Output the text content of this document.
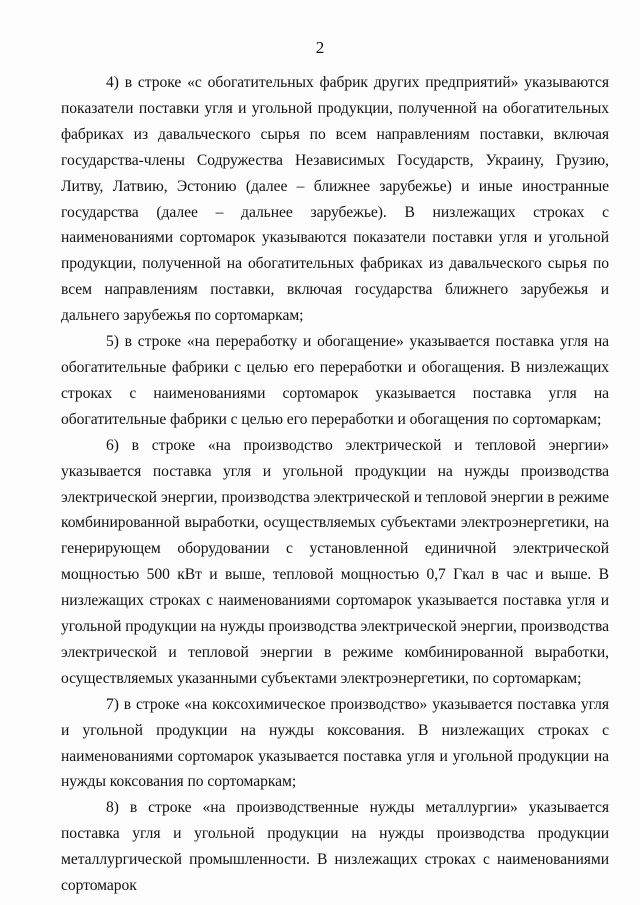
2

4) в строке «с обогатительных фабрик других предприятий» указываются показатели поставки угля и угольной продукции, полученной на обогатительных фабриках из давальческого сырья по всем направлениям поставки, включая государства-члены Содружества Независимых Государств, Украину, Грузию, Литву, Латвию, Эстонию (далее – ближнее зарубежье) и иные иностранные государства (далее – дальнее зарубежье). В низлежащих строках с наименованиями сортомарок указываются показатели поставки угля и угольной продукции, полученной на обогатительных фабриках из давальческого сырья по всем направлениям поставки, включая государства ближнего зарубежья и дальнего зарубежья по сортомаркам;

5) в строке «на переработку и обогащение» указывается поставка угля на обогатительные фабрики с целью его переработки и обогащения. В низлежащих строках с наименованиями сортомарок указывается поставка угля на обогатительные фабрики с целью его переработки и обогащения по сортомаркам;

6) в строке «на производство электрической и тепловой энергии» указывается поставка угля и угольной продукции на нужды производства электрической энергии, производства электрической и тепловой энергии в режиме комбинированной выработки, осуществляемых субъектами электроэнергетики, на генерирующем оборудовании с установленной единичной электрической мощностью 500 кВт и выше, тепловой мощностью 0,7 Гкал в час и выше. В низлежащих строках с наименованиями сортомарок указывается поставка угля и угольной продукции на нужды производства электрической энергии, производства электрической и тепловой энергии в режиме комбинированной выработки, осуществляемых указанными субъектами электроэнергетики, по сортомаркам;

7) в строке «на коксохимическое производство» указывается поставка угля и угольной продукции на нужды коксования. В низлежащих строках с наименованиями сортомарок указывается поставка угля и угольной продукции на нужды коксования по сортомаркам;

8) в строке «на производственные нужды металлургии» указывается поставка угля и угольной продукции на нужды производства продукции металлургической промышленности. В низлежащих строках с наименованиями сортомарок
